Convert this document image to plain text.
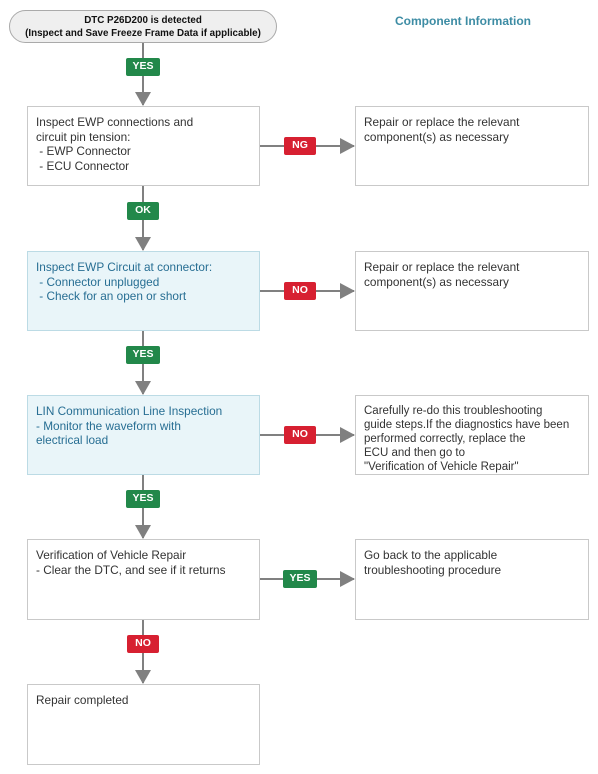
DTC P26D200 is detected
(Inspect and Save Freeze Frame Data if applicable)
Component Information
Inspect EWP connections and
circuit pin tension:
- EWP Connector
- ECU Connector
Inspect EWP Circuit at connector:
- Connector unplugged
- Check for an open or short
LIN Communication Line Inspection
- Monitor the waveform with
electrical load
Verification of Vehicle Repair
- Clear the DTC, and see if it returns
Repair completed
Repair or replace the relevant
component(s) as necessary
Repair or replace the relevant
component(s) as necessary
Carefully re-do this troubleshooting
guide steps.If the diagnostics have been
performed correctly, replace the
ECU and then go to
"Verification of Vehicle Repair"
Go back to the applicable
troubleshooting procedure
YES
OK
YES
YES
NO
NG
NO
NO
YES
